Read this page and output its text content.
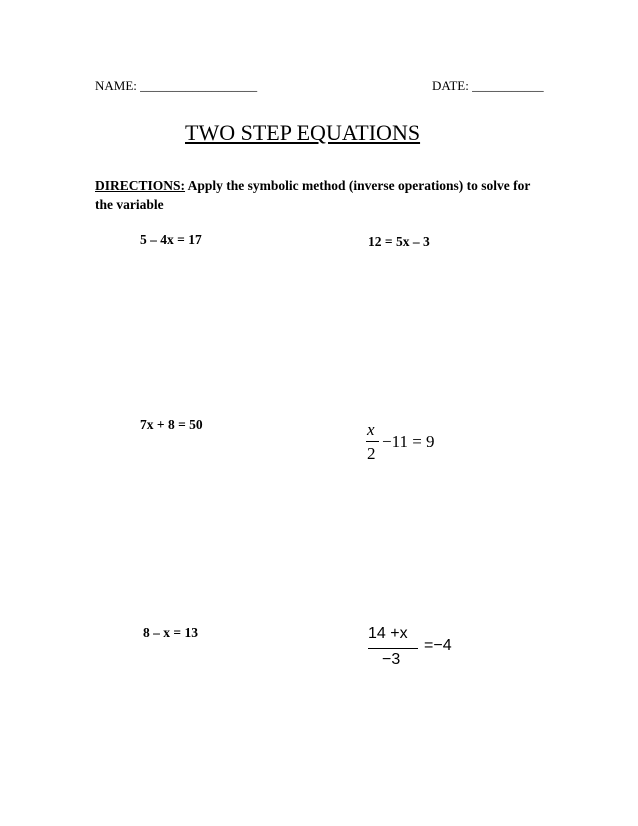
NAME: __________________	DATE: ___________
TWO STEP EQUATIONS
DIRECTIONS: Apply the symbolic method (inverse operations) to solve for the variable
5 – 4x = 17	12 = 5x – 3
7x + 8 = 50	x
2
−11 = 9
8 – x = 13	14 +x
−3
=−4
